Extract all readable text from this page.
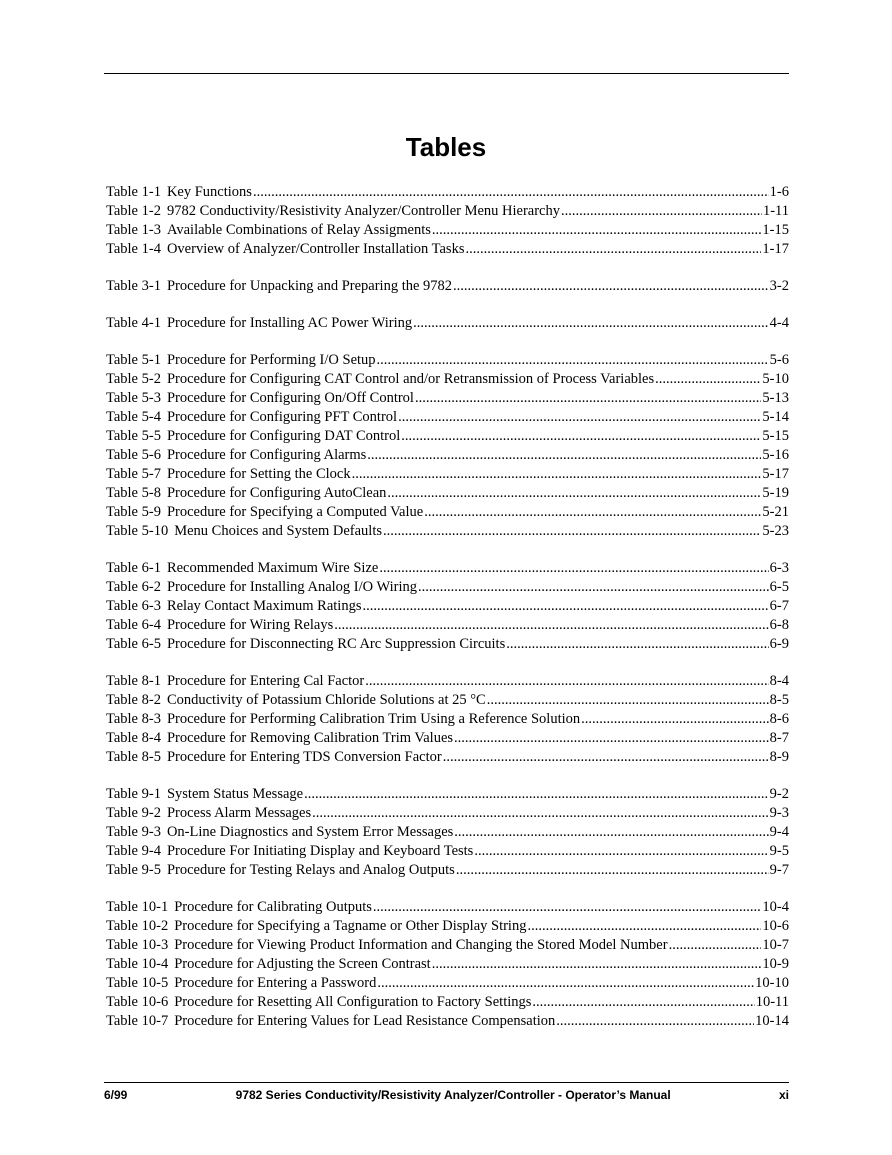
Tables
Table 1-1 Key Functions .....	1-6
Table 1-2 9782 Conductivity/Resistivity Analyzer/Controller Menu Hierarchy .....	1-11
Table 1-3 Available Combinations of Relay Assigments .....	1-15
Table 1-4 Overview of Analyzer/Controller Installation Tasks .....	1-17
Table 3-1 Procedure for Unpacking and Preparing the 9782 .....	3-2
Table 4-1 Procedure for Installing AC Power Wiring .....	4-4
Table 5-1 Procedure for Performing I/O Setup .....	5-6
Table 5-2 Procedure for Configuring CAT Control and/or Retransmission of Process Variables .....	5-10
Table 5-3 Procedure for Configuring On/Off Control .....	5-13
Table 5-4 Procedure for Configuring PFT Control .....	5-14
Table 5-5 Procedure for Configuring DAT Control .....	5-15
Table 5-6 Procedure for Configuring Alarms .....	5-16
Table 5-7 Procedure for Setting the Clock .....	5-17
Table 5-8 Procedure for Configuring AutoClean .....	5-19
Table 5-9 Procedure for Specifying a Computed Value .....	5-21
Table 5-10 Menu Choices and System Defaults .....	5-23
Table 6-1 Recommended Maximum Wire Size .....	6-3
Table 6-2 Procedure for Installing Analog I/O Wiring .....	6-5
Table 6-3 Relay Contact Maximum Ratings .....	6-7
Table 6-4 Procedure for Wiring Relays .....	6-8
Table 6-5 Procedure for Disconnecting RC Arc Suppression Circuits .....	6-9
Table 8-1 Procedure for Entering Cal Factor .....	8-4
Table 8-2 Conductivity of Potassium Chloride Solutions at 25 °C .....	8-5
Table 8-3 Procedure for Performing Calibration Trim Using a Reference Solution .....	8-6
Table 8-4 Procedure for Removing Calibration Trim Values .....	8-7
Table 8-5 Procedure for Entering TDS Conversion Factor .....	8-9
Table 9-1 System Status Message .....	9-2
Table 9-2 Process Alarm Messages .....	9-3
Table 9-3 On-Line Diagnostics and System Error Messages .....	9-4
Table 9-4 Procedure For Initiating Display and Keyboard Tests .....	9-5
Table 9-5 Procedure for Testing Relays and Analog Outputs .....	9-7
Table 10-1 Procedure for Calibrating Outputs .....	10-4
Table 10-2 Procedure for Specifying a Tagname or Other Display String .....	10-6
Table 10-3 Procedure for Viewing Product Information and Changing the Stored Model Number .....	10-7
Table 10-4 Procedure for Adjusting the Screen Contrast .....	10-9
Table 10-5 Procedure for Entering a Password .....	10-10
Table 10-6 Procedure for Resetting All Configuration to Factory Settings .....	10-11
Table 10-7 Procedure for Entering Values for Lead Resistance Compensation .....	10-14
6/99	9782 Series Conductivity/Resistivity Analyzer/Controller - Operator’s Manual	xi
